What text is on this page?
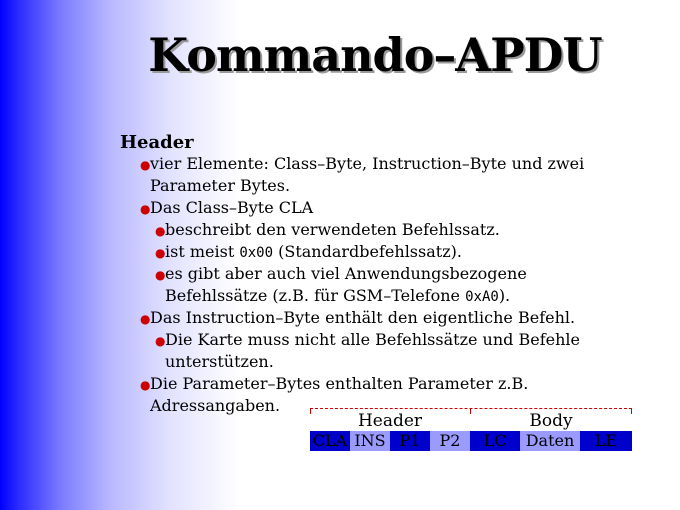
Kommando–APDU
Header
● vier Elemente: Class–Byte, Instruction–Byte und zwei
Parameter Bytes.
● Das Class–Byte CLA
● beschreibt den verwendeten Befehlssatz.
● ist meist 0x00 (Standardbefehlssatz).
● es gibt aber auch viel Anwendungsbezogene
Befehlssätze (z.B. für GSM–Telefone 0xA0).
● Das Instruction–Byte enthält den eigentliche Befehl.
● Die Karte muss nicht alle Befehlssätze und Befehle
unterstützen.
● Die Parameter–Bytes enthalten Parameter z.B.
Adressangaben.
Header	Body
CLA INS P1	P2	LC	Daten	LE
